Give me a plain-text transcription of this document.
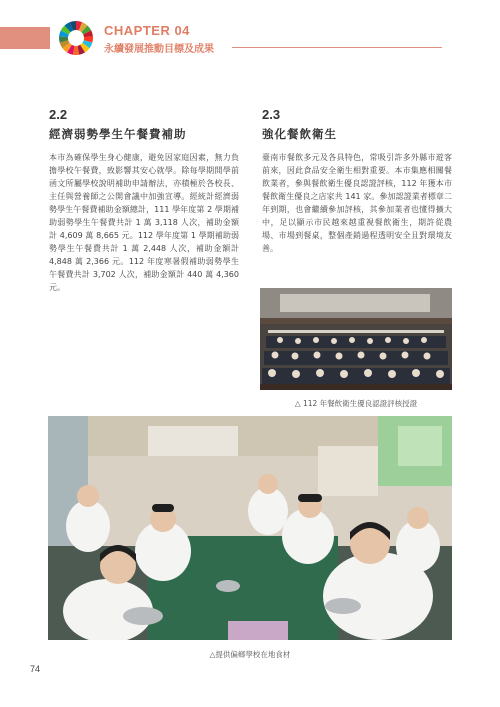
CHAPTER 04
永續發展推動目標及成果
2.2
經濟弱勢學生午餐費補助

本市為確保學生身心健康，避免因家庭因素，無力負擔學校午餐費，致影響其安心就學。除每學期開學前函文所屬學校說明補助申請辦法，亦積極於各校長、主任與營養師之公開會議中加強宣導。經統計經濟弱勢學生午餐費補助金額總計，111 學年度第 2 學期補助弱勢學生午餐費共計 1 萬 3,118 人次，補助金額計 4,609 萬 8,665 元。112 學年度第 1 學期補助弱勢學生午餐費共計 1 萬 2,448 人次，補助金額計 4,848 萬 2,366 元。112 年度寒暑假補助弱勢學生午餐費共計 3,702 人次，補助金額計 440 萬 4,360 元。

2.3
強化餐飲衛生

臺南市餐飲多元及各具特色，常吸引許多外縣市遊客前來，因此食品安全衛生相對重要。本市集應相關餐飲業者，參與餐飲衛生優良認證評核，112 年獲本市餐飲衛生優良之店家共 141 家。參加認證業者標章二年到期，也會繼續參加評核，其參加業者也懂得擴大中，足以顯示市民越來越重視餐飲衛生，期許從農場、市場到餐桌，整個產銷過程透明安全且對環境友善。

△ 112 年餐飲衛生優良認證評核授證
△提供偏鄉學校在地食材
74
